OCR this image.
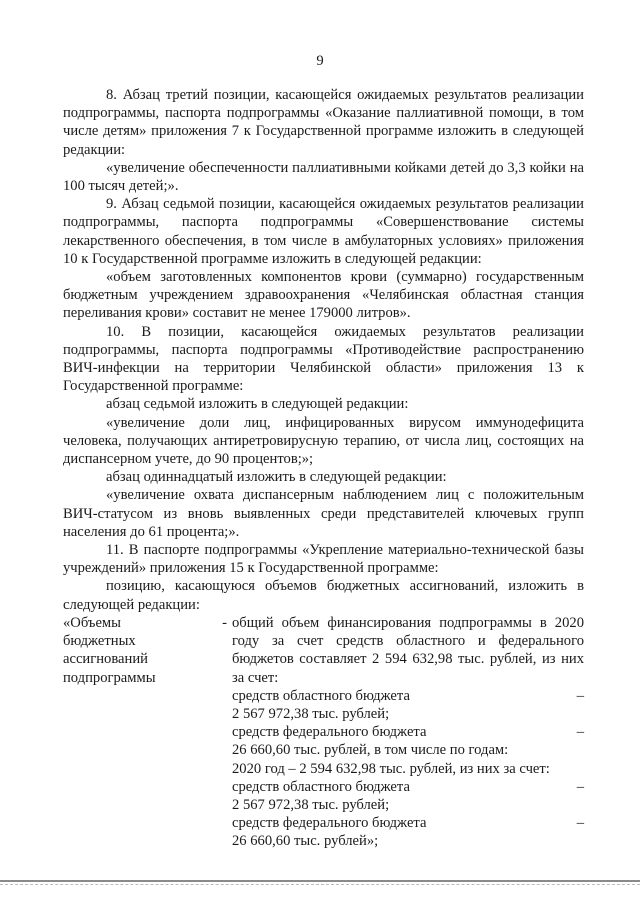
9

8. Абзац третий позиции, касающейся ожидаемых результатов реализации подпрограммы, паспорта подпрограммы «Оказание паллиативной помощи, в том числе детям» приложения 7 к Государственной программе изложить в следующей редакции:

«увеличение обеспеченности паллиативными койками детей до 3,3 койки на 100 тысяч детей;».

9. Абзац седьмой позиции, касающейся ожидаемых результатов реализации подпрограммы, паспорта подпрограммы «Совершенствование системы лекарственного обеспечения, в том числе в амбулаторных условиях» приложения 10 к Государственной программе изложить в следующей редакции:

«объем заготовленных компонентов крови (суммарно) государственным бюджетным учреждением здравоохранения «Челябинская областная станция переливания крови» составит не менее 179000 литров».

10. В позиции, касающейся ожидаемых результатов реализации подпрограммы, паспорта подпрограммы «Противодействие распространению ВИЧ-инфекции на территории Челябинской области» приложения 13 к Государственной программе:

абзац седьмой изложить в следующей редакции:

«увеличение доли лиц, инфицированных вирусом иммунодефицита человека, получающих антиретровирусную терапию, от числа лиц, состоящих на диспансерном учете, до 90 процентов;»;

абзац одиннадцатый изложить в следующей редакции:

«увеличение охвата диспансерным наблюдением лиц с положительным ВИЧ-статусом из вновь выявленных среди представителей ключевых групп населения до 61 процента;».

11. В паспорте подпрограммы «Укрепление материально-технической базы учреждений» приложения 15 к Государственной программе:

позицию, касающуюся объемов бюджетных ассигнований, изложить в следующей редакции:

«Объемы
бюджетных
ассигнований
подпрограммы
- общий объем финансирования подпрограммы в 2020 году за счет средств областного и федерального бюджетов составляет 2 594 632,98 тыс. рублей, из них за счет:

средств областного бюджета	–
2 567 972,38 тыс. рублей;
средств федерального бюджета	–
26 660,60 тыс. рублей, в том числе по годам:
2020 год – 2 594 632,98 тыс. рублей, из них за счет:
средств областного бюджета	–
2 567 972,38 тыс. рублей;
средств федерального бюджета	–
26 660,60 тыс. рублей»;
